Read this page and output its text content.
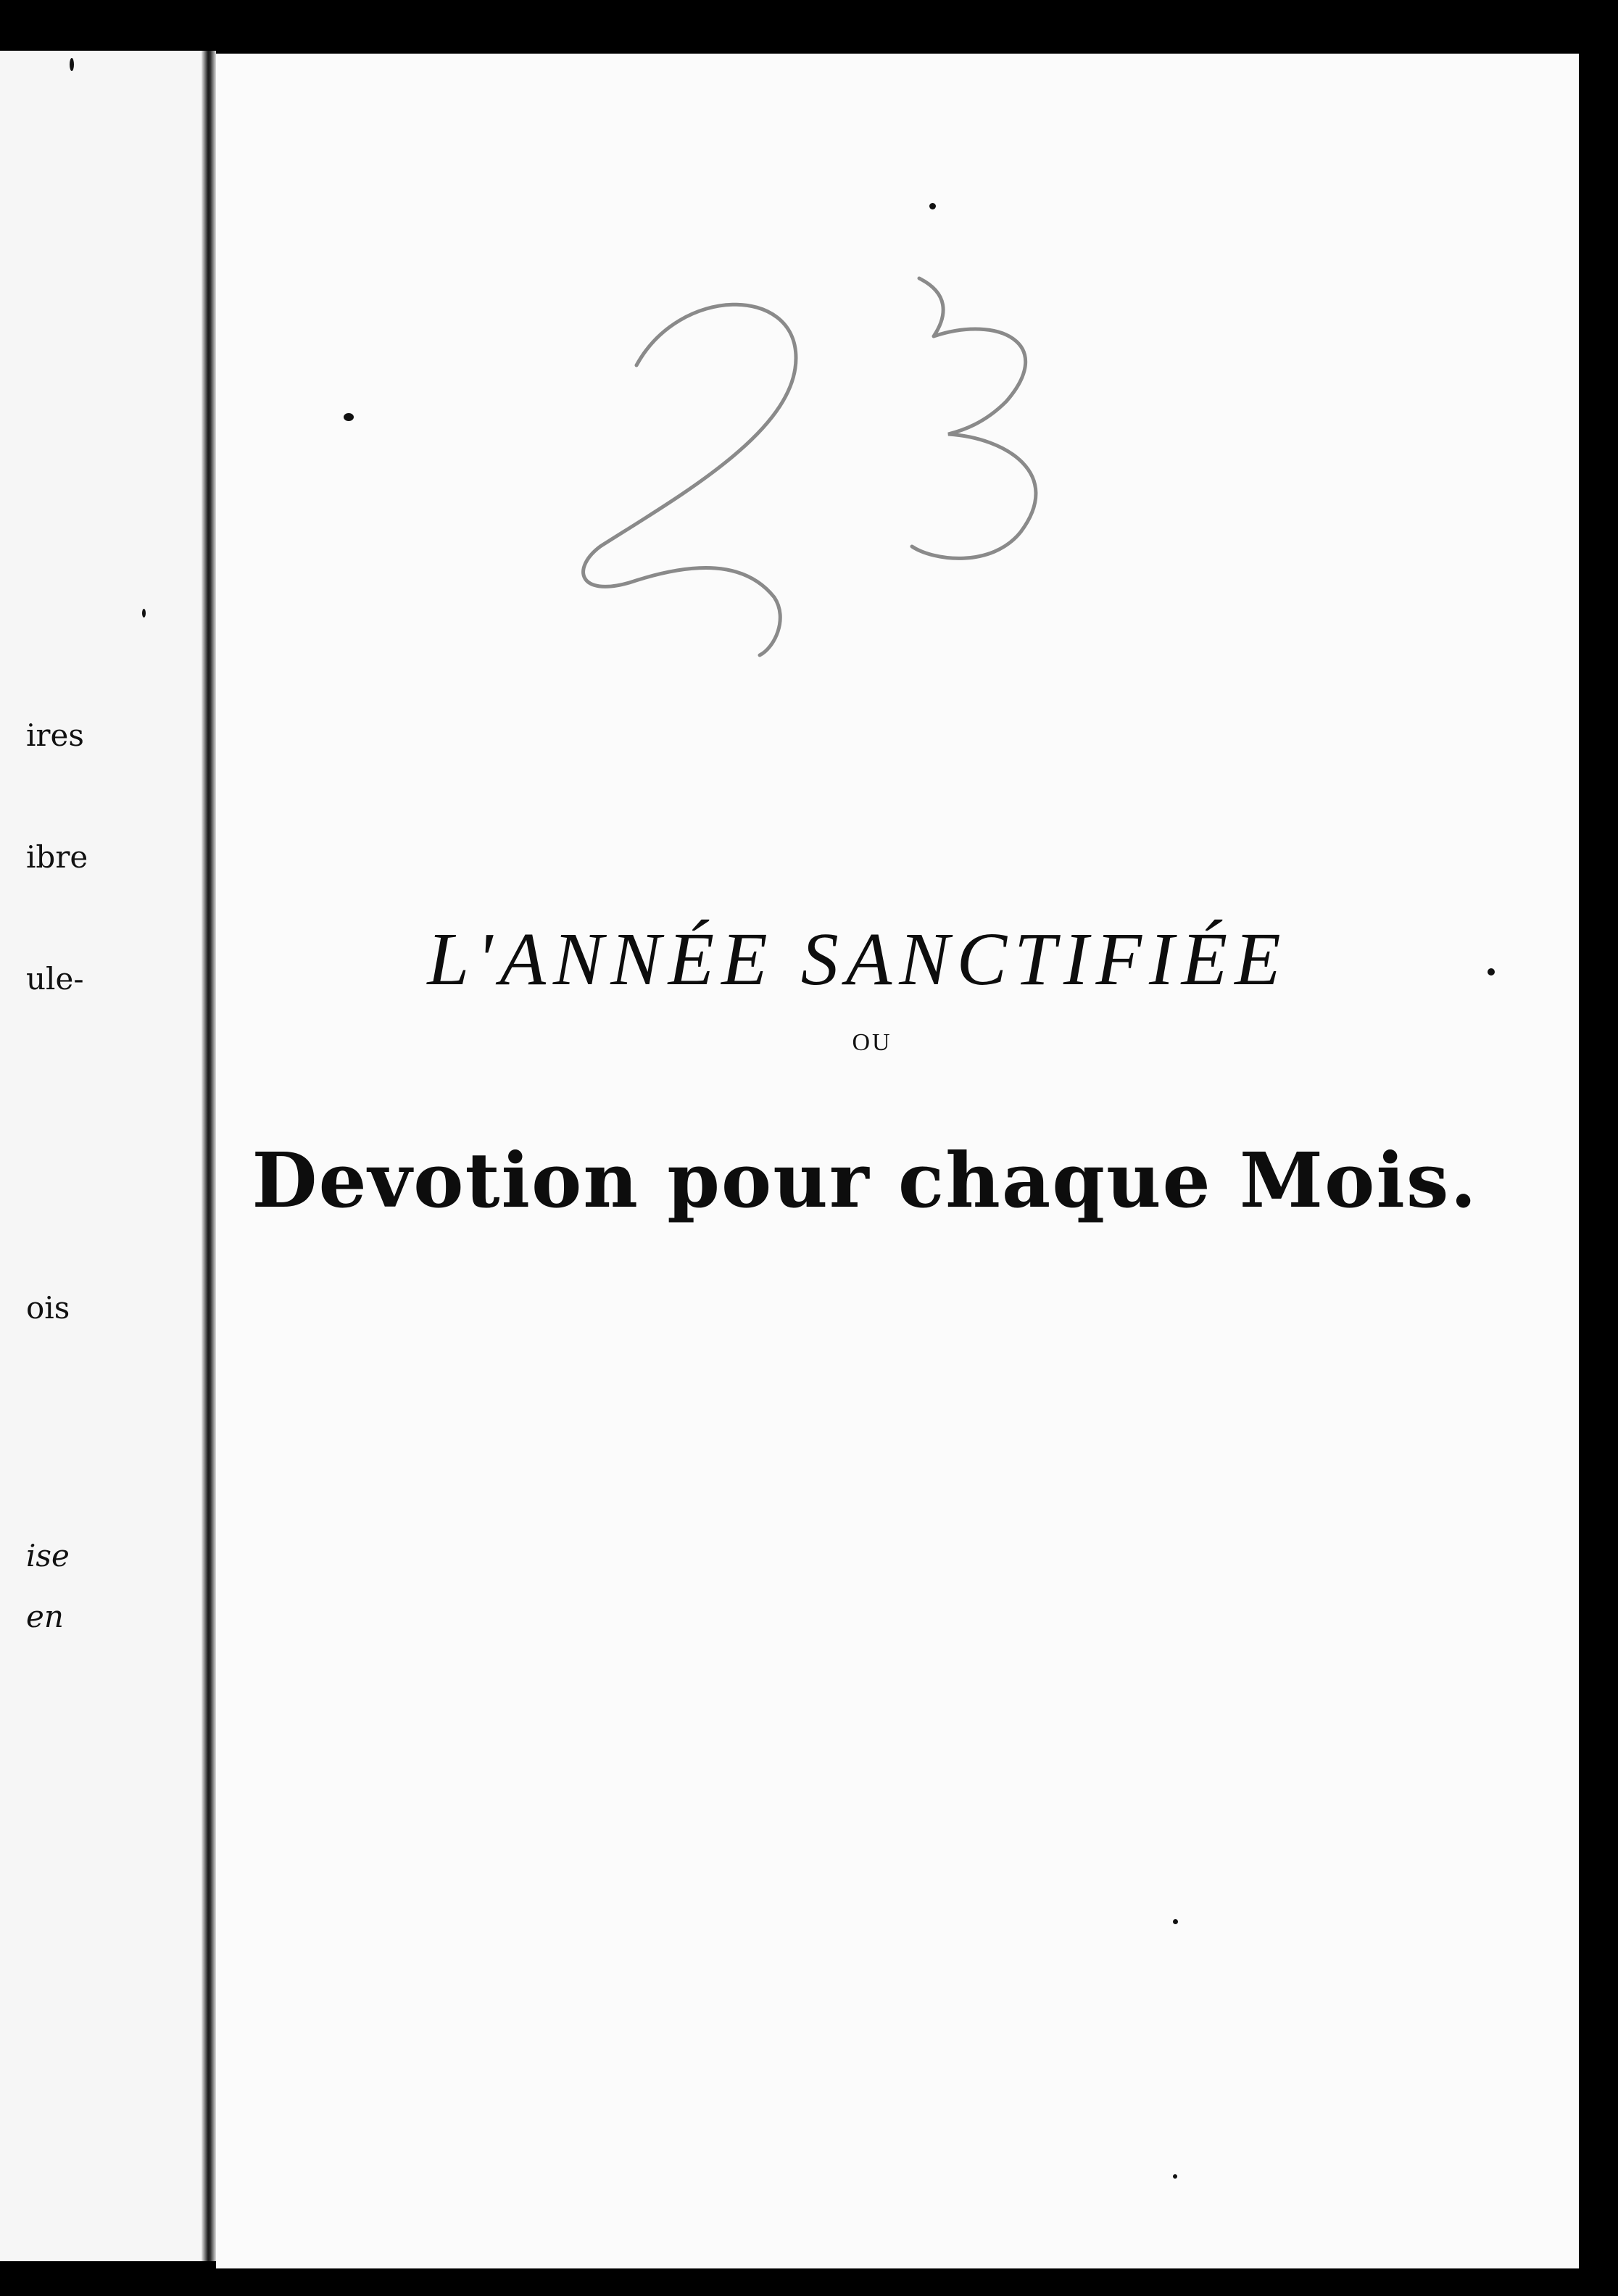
ires
ibre
ule-
ois
ise
en
L'ANNÉE SANCTIFIÉE
OU
Devotion pour chaque Mois.
